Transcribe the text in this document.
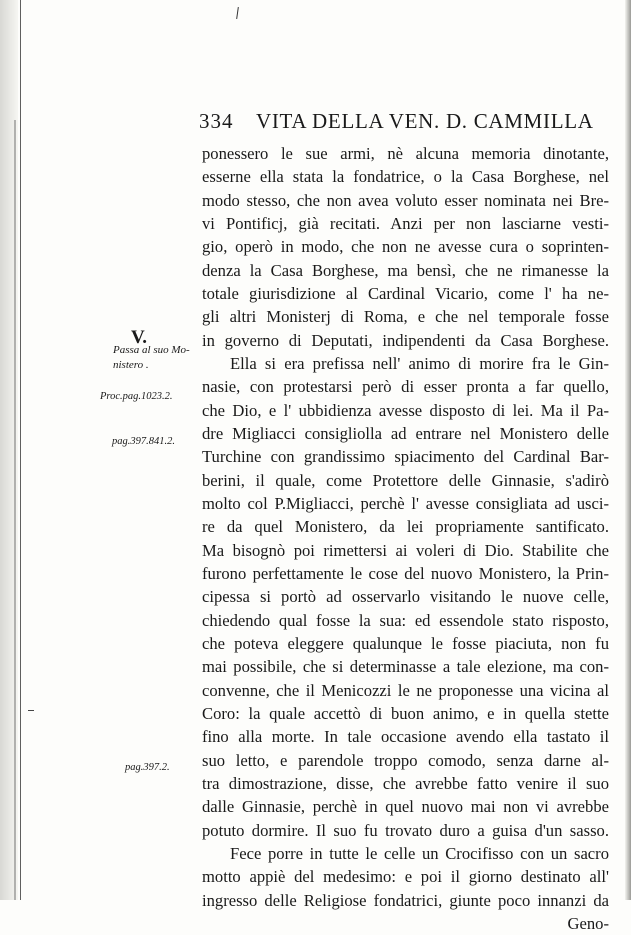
334 VITA DELLA VEN. D. CAMMILLA
V.
Passa al suo Mo-
nistero .
Proc.pag.1023.2.
pag.397.841.2.
pag.397.2.
ponessero le sue armi, nè alcuna memoria dinotante,
esserne ella stata la fondatrice, o la Casa Borghese, nel
modo stesso, che non avea voluto esser nominata nei Bre-
vi Pontificj, già recitati. Anzi per non lasciarne vesti-
gio, operò in modo, che non ne avesse cura o soprinten-
denza la Casa Borghese, ma bensì, che ne rimanesse la
totale giurisdizione al Cardinal Vicario, come l' ha ne-
gli altri Monisterj di Roma, e che nel temporale fosse
in governo di Deputati, indipendenti da Casa Borghese.
Ella si era prefissa nell' animo di morire fra le Gin-
nasie, con protestarsi però di esser pronta a far quello,
che Dio, e l' ubbidienza avesse disposto di lei. Ma il Pa-
dre Migliacci consigliolla ad entrare nel Monistero delle
Turchine con grandissimo spiacimento del Cardinal Bar-
berini, il quale, come Protettore delle Ginnasie, s'adirò
molto col P.Migliacci, perchè l' avesse consigliata ad usci-
re da quel Monistero, da lei propriamente santificato.
Ma bisognò poi rimettersi ai voleri di Dio. Stabilite che
furono perfettamente le cose del nuovo Monistero, la Prin-
cipessa si portò ad osservarlo visitando le nuove celle,
chiedendo qual fosse la sua: ed essendole stato risposto,
che poteva eleggere qualunque le fosse piaciuta, non fu
mai possibile, che si determinasse a tale elezione, ma con-
convenne, che il Menicozzi le ne proponesse una vicina al
Coro: la quale accettò di buon animo, e in quella stette
fino alla morte. In tale occasione avendo ella tastato il
suo letto, e parendole troppo comodo, senza darne al-
tra dimostrazione, disse, che avrebbe fatto venire il suo
dalle Ginnasie, perchè in quel nuovo mai non vi avrebbe
potuto dormire. Il suo fu trovato duro a guisa d'un sasso.
Fece porre in tutte le celle un Crocifisso con un sacro
motto appiè del medesimo: e poi il giorno destinato all'
ingresso delle Religiose fondatrici, giunte poco innanzi da
Geno-
